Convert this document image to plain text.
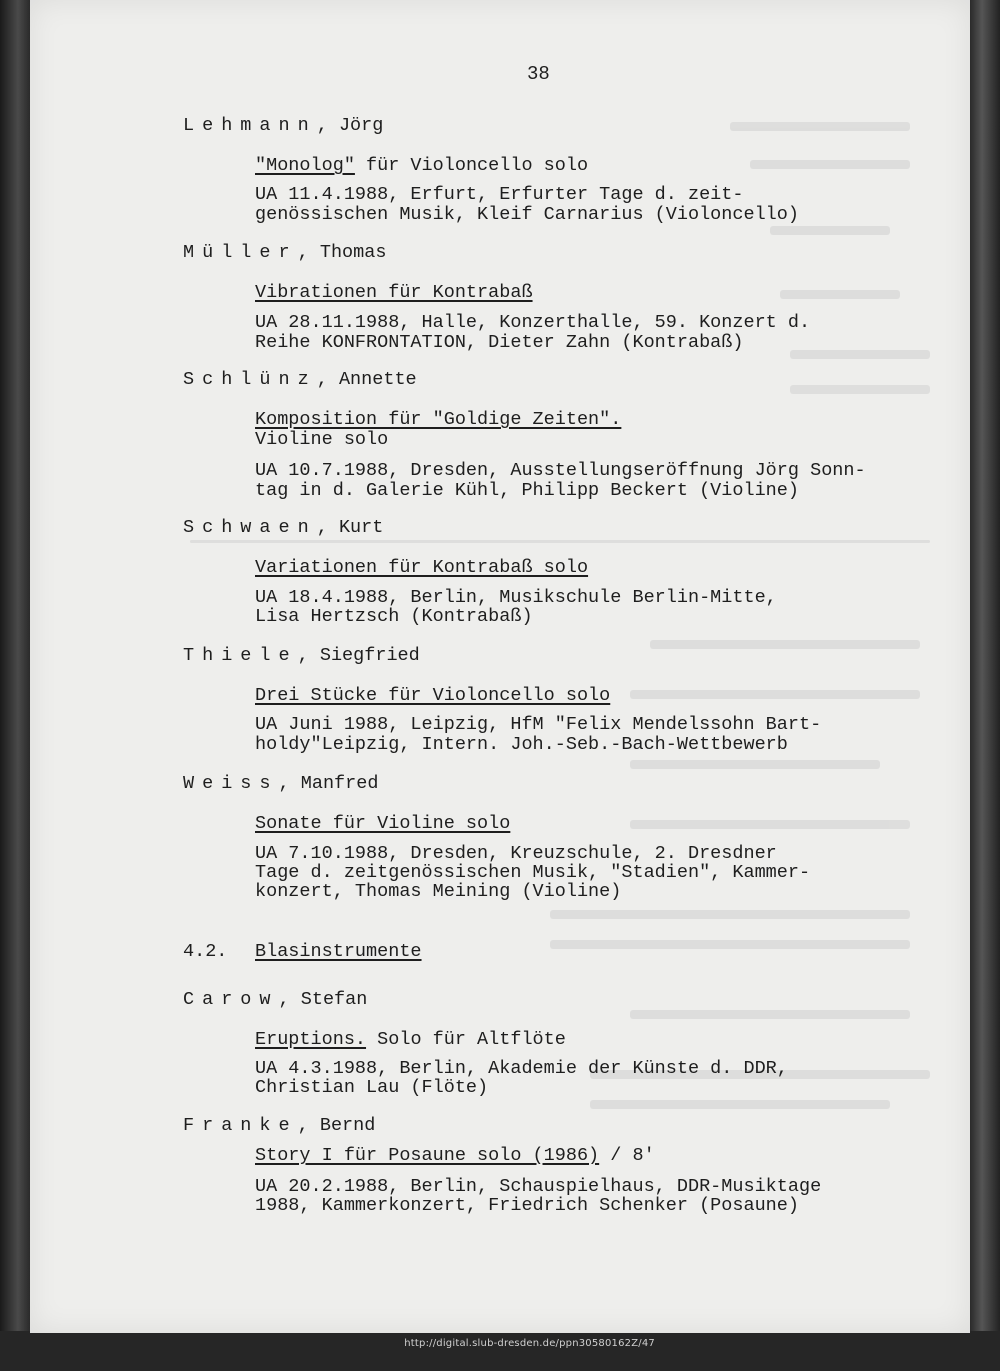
38
Lehmann, Jörg
"Monolog" für Violoncello solo
UA 11.4.1988, Erfurt, Erfurter Tage d. zeit-
genössischen Musik, Kleif Carnarius (Violoncello)
Müller, Thomas
Vibrationen für Kontrabaß
UA 28.11.1988, Halle, Konzerthalle, 59. Konzert d.
Reihe KONFRONTATION, Dieter Zahn (Kontrabaß)
Schlünz, Annette
Komposition für "Goldige Zeiten".
Violine solo
UA 10.7.1988, Dresden, Ausstellungseröffnung Jörg Sonn-
tag in d. Galerie Kühl, Philipp Beckert (Violine)
Schwaen, Kurt
Variationen für Kontrabaß solo
UA 18.4.1988, Berlin, Musikschule Berlin-Mitte,
Lisa Hertzsch (Kontrabaß)
Thiele, Siegfried
Drei Stücke für Violoncello solo
UA Juni 1988, Leipzig, HfM "Felix Mendelssohn Bart-
holdy"Leipzig, Intern. Joh.-Seb.-Bach-Wettbewerb
Weiss, Manfred
Sonate für Violine solo
UA 7.10.1988, Dresden, Kreuzschule, 2. Dresdner
Tage d. zeitgenössischen Musik, "Stadien", Kammer-
konzert, Thomas Meining (Violine)
4.2. Blasinstrumente
Carow, Stefan
Eruptions. Solo für Altflöte
UA 4.3.1988, Berlin, Akademie der Künste d. DDR,
Christian Lau (Flöte)
Franke, Bernd
Story I für Posaune solo (1986) / 8'
UA 20.2.1988, Berlin, Schauspielhaus, DDR-Musiktage
1988, Kammerkonzert, Friedrich Schenker (Posaune)
http://digital.slub-dresden.de/ppn30580162Z/47
